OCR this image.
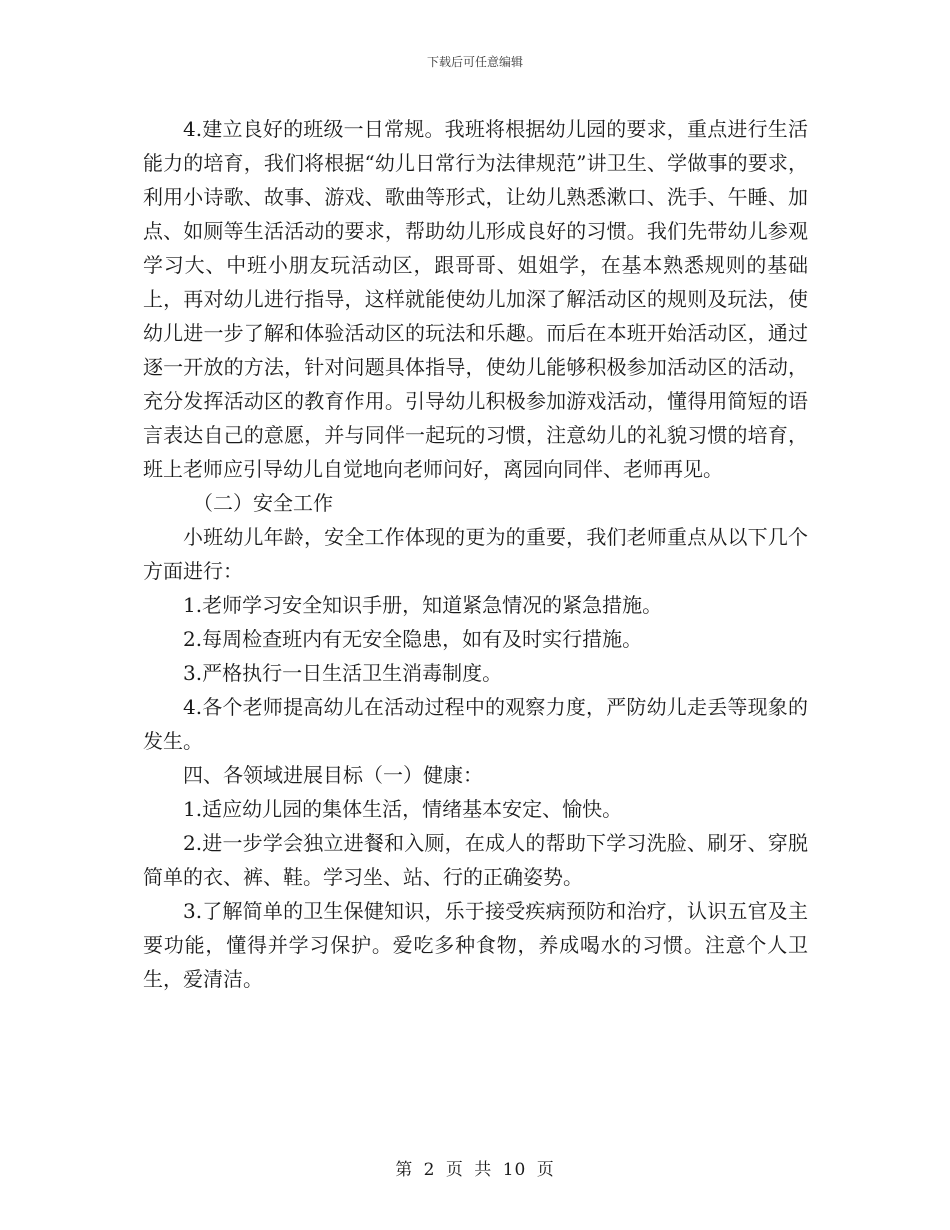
下载后可任意编辑

4.建立良好的班级一日常规。我班将根据幼儿园的要求，重点进行生活能力的培育，我们将根据“幼儿日常行为法律规范”讲卫生、学做事的要求，利用小诗歌、故事、游戏、歌曲等形式，让幼儿熟悉漱口、洗手、午睡、加点、如厕等生活活动的要求，帮助幼儿形成良好的习惯。我们先带幼儿参观学习大、中班小朋友玩活动区，跟哥哥、姐姐学，在基本熟悉规则的基础上，再对幼儿进行指导，这样就能使幼儿加深了解活动区的规则及玩法，使幼儿进一步了解和体验活动区的玩法和乐趣。而后在本班开始活动区，通过逐一开放的方法，针对问题具体指导，使幼儿能够积极参加活动区的活动，充分发挥活动区的教育作用。引导幼儿积极参加游戏活动，懂得用简短的语言表达自己的意愿，并与同伴一起玩的习惯，注意幼儿的礼貌习惯的培育，班上老师应引导幼儿自觉地向老师问好，离园向同伴、老师再见。

（二）安全工作

小班幼儿年龄，安全工作体现的更为的重要，我们老师重点从以下几个方面进行：

1.老师学习安全知识手册，知道紧急情况的紧急措施。

2.每周检查班内有无安全隐患，如有及时实行措施。

3.严格执行一日生活卫生消毒制度。

4.各个老师提高幼儿在活动过程中的观察力度，严防幼儿走丢等现象的发生。

四、各领域进展目标（一）健康：

1.适应幼儿园的集体生活，情绪基本安定、愉快。

2.进一步学会独立进餐和入厕，在成人的帮助下学习洗脸、刷牙、穿脱简单的衣、裤、鞋。学习坐、站、行的正确姿势。

3.了解简单的卫生保健知识，乐于接受疾病预防和治疗，认识五官及主要功能，懂得并学习保护。爱吃多种食物，养成喝水的习惯。注意个人卫生，爱清洁。

第 2 页 共 10 页
